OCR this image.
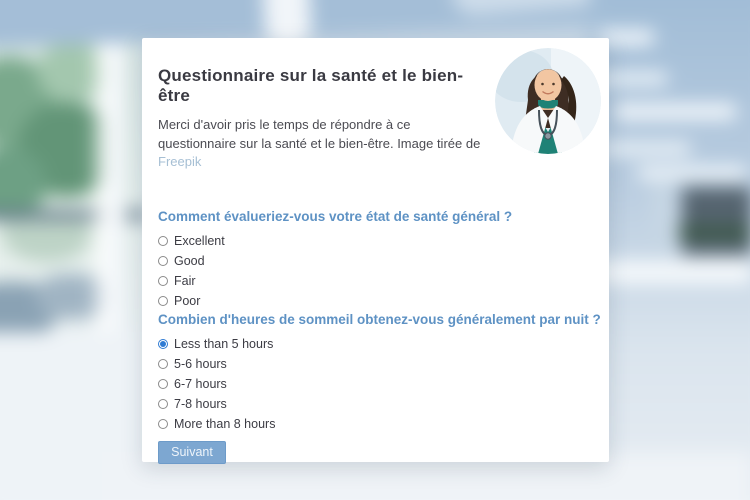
Questionnaire sur la santé et le bien-être
Merci d'avoir pris le temps de répondre à ce
questionnaire sur la santé et le bien-être. Image tirée de
Freepik
Comment évalueriez-vous votre état de santé général ?
Excellent
Good
Fair
Poor
Combien d'heures de sommeil obtenez-vous généralement par nuit ?
Less than 5 hours
5-6 hours
6-7 hours
7-8 hours
More than 8 hours
Suivant
